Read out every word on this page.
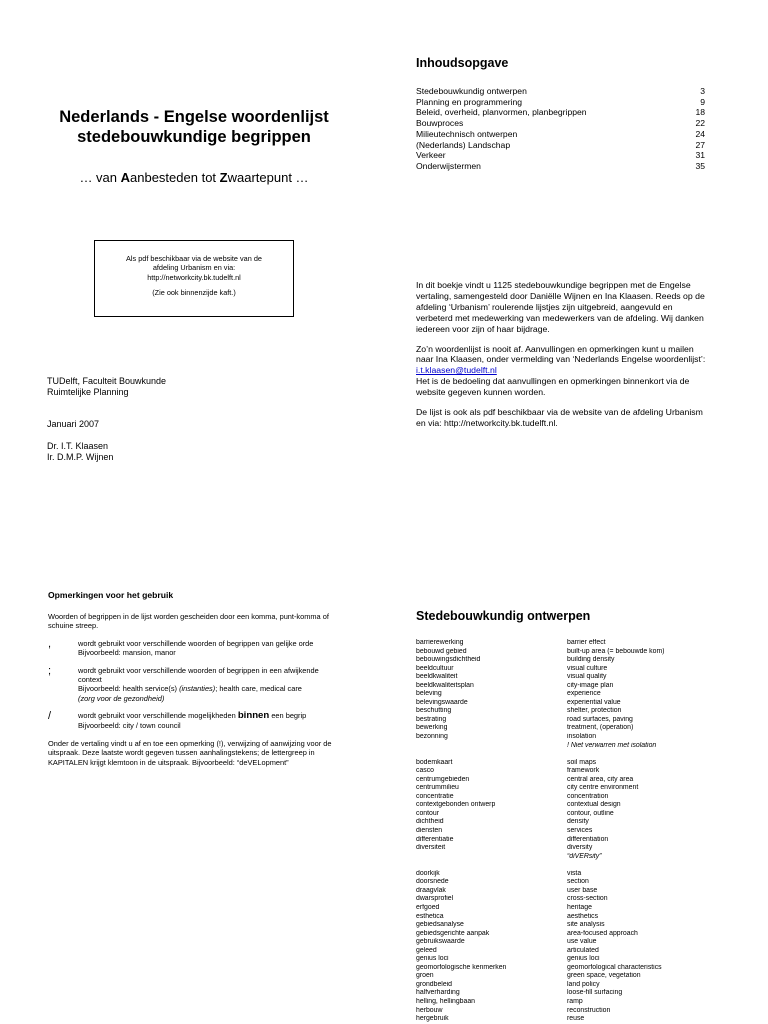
Nederlands - Engelse woordenlijst
stedebouwkundige begrippen
… van Aanbesteden tot Zwaartepunt …
Als pdf beschikbaar via de website van de
afdeling Urbanism en via:
http://networkcity.bk.tudelft.nl
(Zie ook binnenzijde kaft.)
TUDelft, Faculteit Bouwkunde
Ruimtelijke Planning
Januari 2007
Dr. I.T. Klaasen
Ir. D.M.P. Wijnen
Inhoudsopgave
Stedebouwkundig ontwerpen	3
Planning en programmering	9
Beleid, overheid, planvormen, planbegrippen	18
Bouwproces	22
Milieutechnisch ontwerpen	24
(Nederlands) Landschap	27
Verkeer	31
Onderwijstermen	35

In dit boekje vindt u 1125 stedebouwkundige begrippen met de Engelse vertaling, samengesteld door Daniëlle Wijnen en Ina Klaasen. Reeds op de afdeling ‘Urbanism’ roulerende lijstjes zijn uitgebreid, aangevuld en verbeterd met medewerking van medewerkers van de afdeling. Wij danken iedereen voor zijn of haar bijdrage.

Zo’n woordenlijst is nooit af. Aanvullingen en opmerkingen kunt u mailen naar Ina Klaasen, onder vermelding van ‘Nederlands Engelse woordenlijst’: i.t.klaasen@tudelft.nl
Het is de bedoeling dat aanvullingen en opmerkingen binnenkort via de website gegeven kunnen worden.

De lijst is ook als pdf beschikbaar via de website van de afdeling Urbanism en via: http://networkcity.bk.tudelft.nl.

Opmerkingen voor het gebruik

Woorden of begrippen in de lijst worden gescheiden door een komma, punt-komma of schuine streep.

,	wordt gebruikt voor verschillende woorden of begrippen van gelijke orde
Bijvoorbeeld: mansion, manor
;	wordt gebruikt voor verschillende woorden of begrippen in een afwijkende context
Bijvoorbeeld: health service(s) (instanties); health care, medical care
(zorg voor de gezondheid)
/	wordt gebruikt voor verschillende mogelijkheden binnen een begrip
Bijvoorbeeld: city / town council

Onder de vertaling vindt u af en toe een opmerking (!), verwijzing of aanwijzing voor de uitspraak. Deze laatste wordt gegeven tussen aanhalingstekens; de lettergreep in KAPITALEN krijgt klemtoon in de uitspraak. Bijvoorbeeld: “deVELopment”

Stedebouwkundig ontwerpen
barrierewerking	barrier effect
bebouwd gebied	built-up area (= bebouwde kom)
bebouwingsdichtheid	building density
beeldcultuur	visual culture
beeldkwaliteit	visual quality
beeldkwaliteitsplan	city-image plan
beleving	experience
belevingswaarde	experiential value
beschutting	shelter, protection
bestrating	road surfaces, paving
bewerking	treatment, (operation)
bezonning	insolation
! Niet verwarren met isolation
bodemkaart	soil maps
casco	framework
centrumgebieden	central area, city area
centrummilieu	city centre environment
concentratie	concentration
contextgebonden ontwerp	contextual design
contour	contour, outline
dichtheid	density
diensten	services
differentiatie	differentiation
diversiteit	diversity
“diVERsity”
doorkijk	vista
doorsnede	section
draagvlak	user base
dwarsprofiel	cross-section
erfgoed	heritage
esthetica	aesthetics
gebiedsanalyse	site analysis
gebiedsgerichte aanpak	area-focused approach
gebruikswaarde	use value
geleed	articulated
genius loci	genius loci
geomorfologische kenmerken	geomorfological characteristics
groen	green space, vegetation
grondbeleid	land policy
halfverharding	loose-fill surfacing
helling, hellingbaan	ramp
herbouw	reconstruction
hergebruik	reuse
